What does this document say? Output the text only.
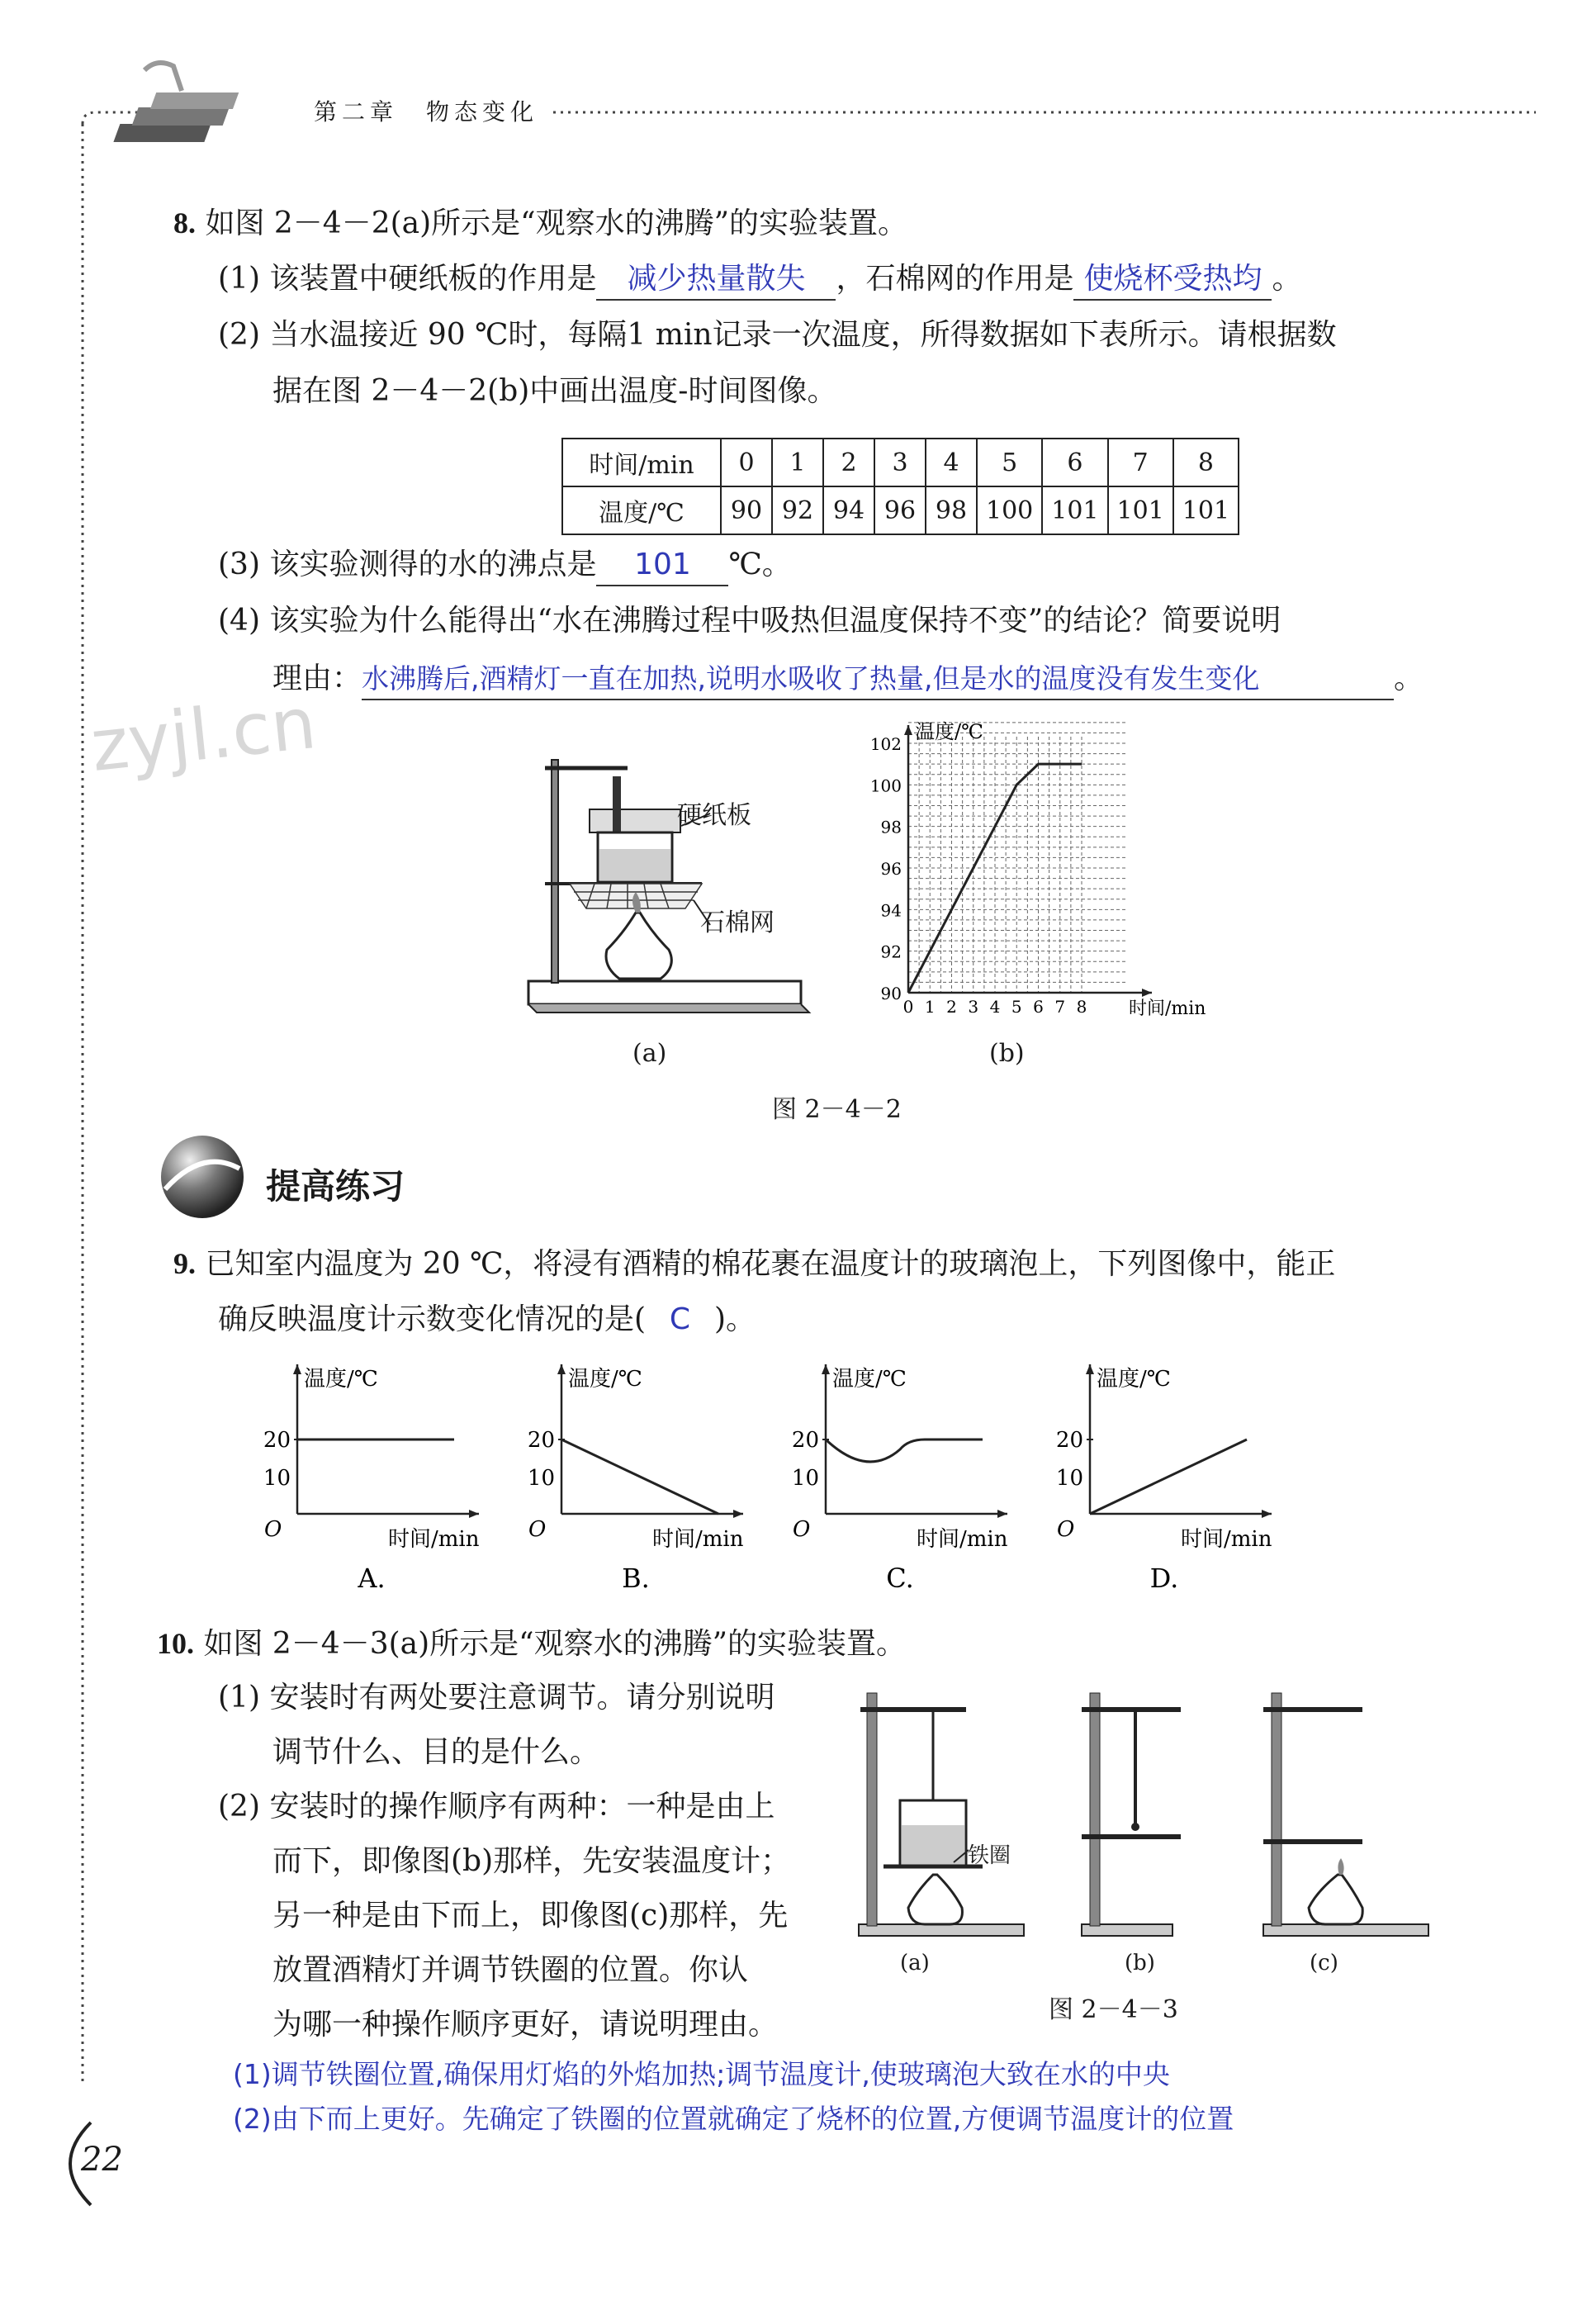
第二章　物态变化
8. 如图 2－4－2(a)所示是“观察水的沸腾”的实验装置。
(1) 该装置中硬纸板的作用是 减少热量散失 ，石棉网的作用是 使烧杯受热均 。
(2) 当水温接近 90 ℃时，每隔1 min记录一次温度，所得数据如下表所示。请根据数
据在图 2－4－2(b)中画出温度-时间图像。
时间/min	0	1	2	3	4	5	6	7	8
温度/℃	90	92	94	96	98	100	101	101	101
(3) 该实验测得的水的沸点是 101 ℃。
(4) 该实验为什么能得出“水在沸腾过程中吸热但温度保持不变”的结论？简要说明
理由：水沸腾后,酒精灯一直在加热,说明水吸收了热量,但是水的温度没有发生变化	。
zyjl.cn
硬纸板
石棉网
(a)
温度/℃
时间/min
90
92
94
96
98
100
102
0 1 2 3 4 5 6 7 8
(b)
图 2－4－2
提高练习
9. 已知室内温度为 20 ℃，将浸有酒精的棉花裹在温度计的玻璃泡上，下列图像中，能正
确反映温度计示数变化情况的是( C )。
温度/℃
时间/min
O
20
10
A.
温度/℃
时间/min
O
20
10
B.
温度/℃
时间/min
O
20
10
C.
温度/℃
时间/min
O
20
10
D.
10. 如图 2－4－3(a)所示是“观察水的沸腾”的实验装置。
(1) 安装时有两处要注意调节。请分别说明
调节什么、目的是什么。
(2) 安装时的操作顺序有两种：一种是由上
而下，即像图(b)那样，先安装温度计；
另一种是由下而上，即像图(c)那样，先
放置酒精灯并调节铁圈的位置。你认
为哪一种操作顺序更好，请说明理由。
铁圈
(a)	(b)	(c)
图 2－4－3
(1)调节铁圈位置,确保用灯焰的外焰加热;调节温度计,使玻璃泡大致在水的中央
(2)由下而上更好。先确定了铁圈的位置就确定了烧杯的位置,方便调节温度计的位置
22
